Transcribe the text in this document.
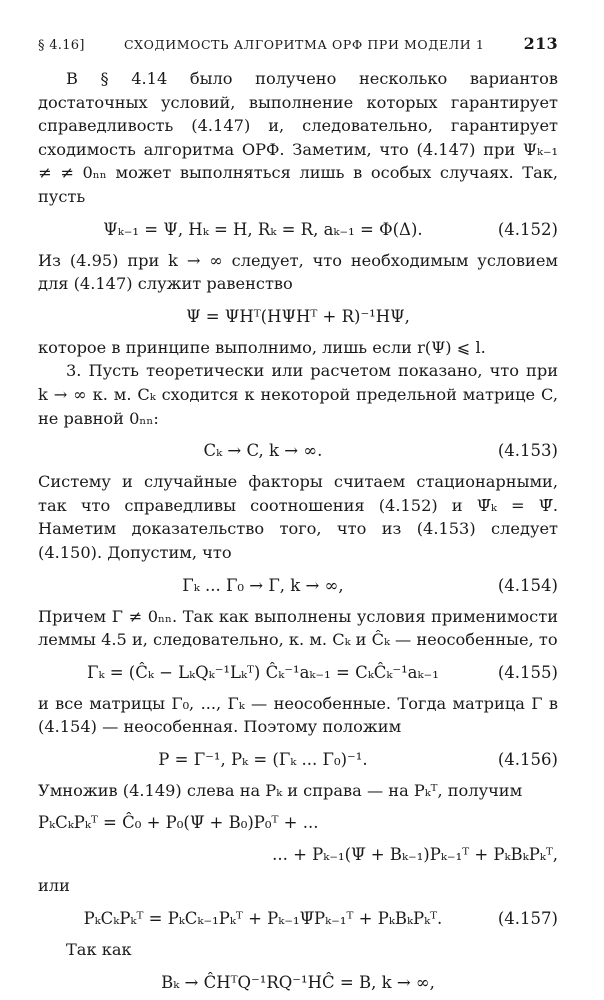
§ 4.16]	СХОДИМОСТЬ АЛГОРИТМА ОРФ ПРИ МОДЕЛИ 1 213

В § 4.14 было получено несколько вариантов достаточных условий, выполнение которых гарантирует справедливость (4.147) и, следовательно, гарантирует сходимость алгоритма ОРФ. Заметим, что (4.147) при Ψₖ₋₁ ≠ ≠ 0ₙₙ может выполняться лишь в особых случаях. Так, пусть

Ψₖ₋₁ = Ψ, Hₖ = H, Rₖ = R, aₖ₋₁ = Φ(Δ).	(4.152)

Из (4.95) при k → ∞ следует, что необходимым условием для (4.147) служит равенство

Ψ = ΨHᵀ(HΨHᵀ + R)⁻¹HΨ,

которое в принципе выполнимо, лишь если r(Ψ) ⩽ l.

3. Пусть теоретически или расчетом показано, что при k → ∞ к. м. Cₖ сходится к некоторой предельной матрице C, не равной 0ₙₙ:

Cₖ → C, k → ∞.	(4.153)

Систему и случайные факторы считаем стационарными, так что справедливы соотношения (4.152) и Ψ̅ₖ = Ψ̅. Наметим доказательство того, что из (4.153) следует (4.150). Допустим, что

Γₖ ... Γ₀ → Γ, k → ∞,	(4.154)

Причем Γ ≠ 0ₙₙ. Так как выполнены условия применимости леммы 4.5 и, следовательно, к. м. Cₖ и Ĉₖ — неособенные, то

Γₖ = (Ĉₖ − LₖQₖ⁻¹Lₖᵀ) Ĉₖ⁻¹aₖ₋₁ = CₖĈₖ⁻¹aₖ₋₁	(4.155)

и все матрицы Γ₀, ..., Γₖ — неособенные. Тогда матрица Γ в (4.154) — неособенная. Поэтому положим

P = Γ⁻¹, Pₖ = (Γₖ ... Γ₀)⁻¹.	(4.156)

Умножив (4.149) слева на Pₖ и справа — на Pₖᵀ, получим

PₖCₖPₖᵀ = Ĉ₀ + P₀(Ψ̅ + B₀)P₀ᵀ + ...
... + Pₖ₋₁(Ψ̅ + Bₖ₋₁)Pₖ₋₁ᵀ + PₖBₖPₖᵀ,

или

PₖCₖPₖᵀ = PₖCₖ₋₁Pₖᵀ + Pₖ₋₁Ψ̅Pₖ₋₁ᵀ + PₖBₖPₖᵀ.	(4.157)

Так как

Bₖ → ĈHᵀQ⁻¹RQ⁻¹HĈ = B, k → ∞,
